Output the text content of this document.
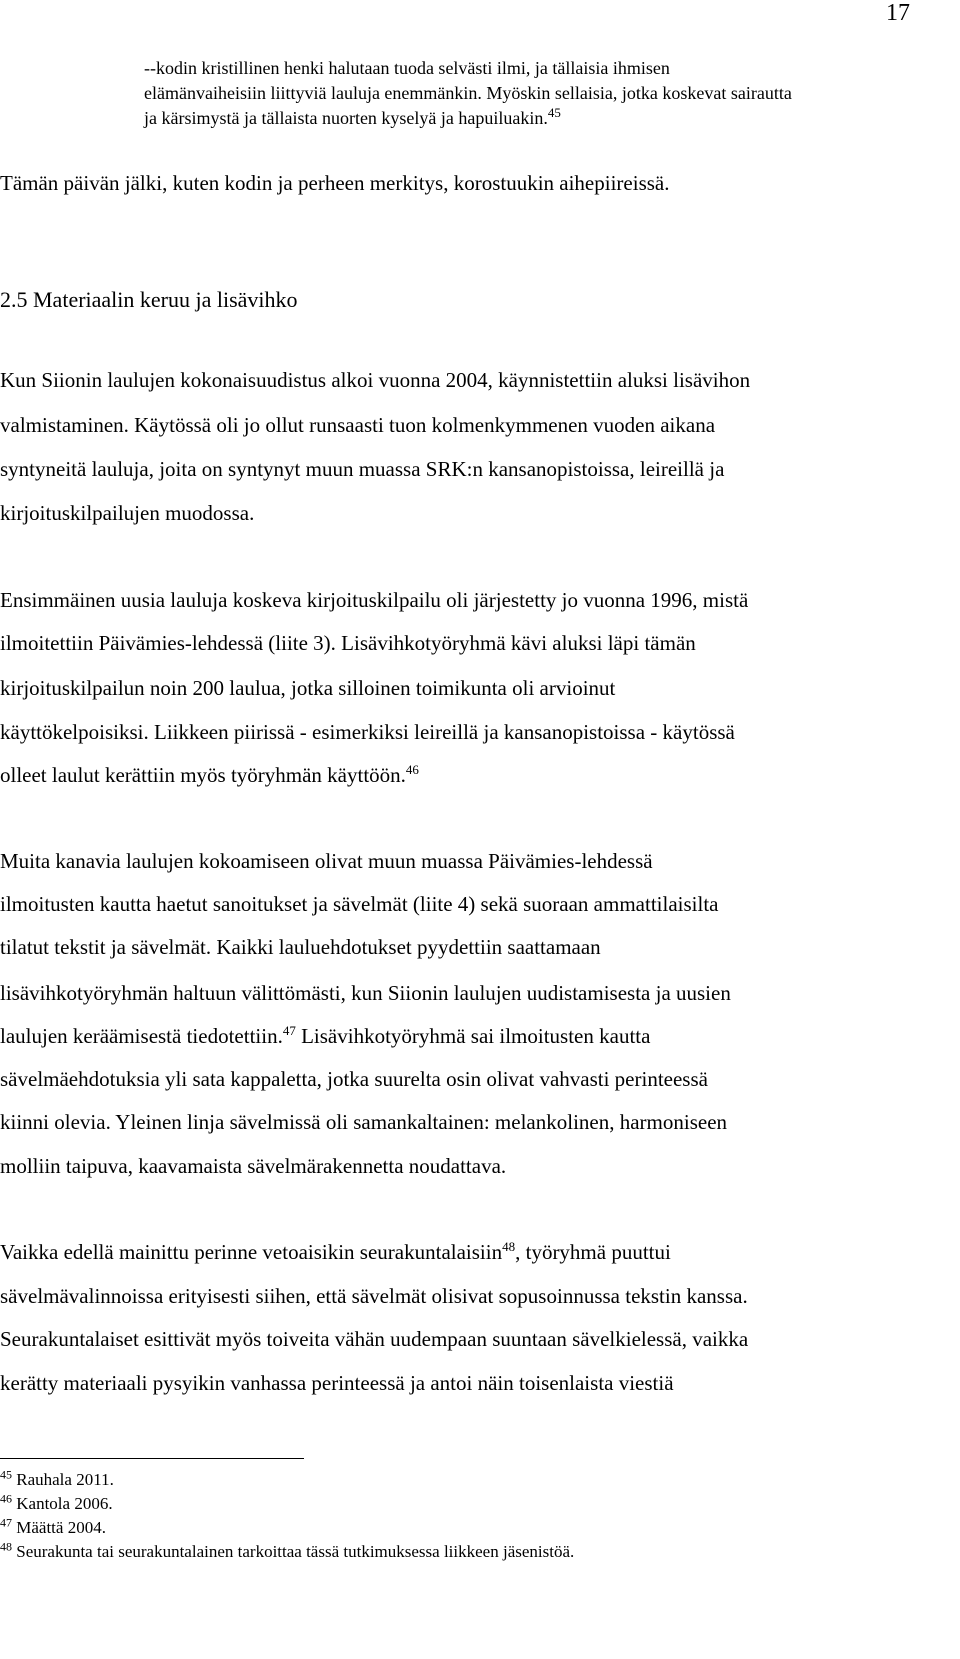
17
--kodin kristillinen henki halutaan tuoda selvästi ilmi, ja tällaisia ihmisen
elämänvaiheisiin liittyviä lauluja enemmänkin. Myöskin sellaisia, jotka koskevat sairautta
ja kärsimystä ja tällaista nuorten kyselyä ja hapuiluakin.$^{45}$
Tämän päivän jälki, kuten kodin ja perheen merkitys, korostuukin aihepiireissä.
2.5 Materiaalin keruu ja lisävihko
Kun Siionin laulujen kokonaisuudistus alkoi vuonna 2004, käynnistettiin aluksi lisävihon
valmistaminen. Käytössä oli jo ollut runsaasti tuon kolmenkymmenen vuoden aikana
syntyneitä lauluja, joita on syntynyt muun muassa SRK:n kansanopistoissa, leireillä ja
kirjoituskilpailujen muodossa.
Ensimmäinen uusia lauluja koskeva kirjoituskilpailu oli järjestetty jo vuonna 1996, mistä
ilmoitettiin Päivämies-lehdessä (liite 3). Lisävihkotyöryhmä kävi aluksi läpi tämän
kirjoituskilpailun noin 200 laulua, jotka silloinen toimikunta oli arvioinut
käyttökelpoisiksi. Liikkeen piirissä - esimerkiksi leireillä ja kansanopistoissa - käytössä
olleet laulut kerättiin myös työryhmän käyttöön.$^{46}$
Muita kanavia laulujen kokoamiseen olivat muun muassa Päivämies-lehdessä
ilmoitusten kautta haetut sanoitukset ja sävelmät (liite 4) sekä suoraan ammattilaisilta
tilatut tekstit ja sävelmät. Kaikki lauluehdotukset pyydettiin saattamaan
lisävihkotyöryhmän haltuun välittömästi, kun Siionin laulujen uudistamisesta ja uusien
laulujen keräämisestä tiedotettiin.$^{47}$ Lisävihkotyöryhmä sai ilmoitusten kautta
sävelmäehdotuksia yli sata kappaletta, jotka suurelta osin olivat vahvasti perinteessä
kiinni olevia. Yleinen linja sävelmissä oli samankaltainen: melankolinen, harmoniseen
molliin taipuva, kaavamaista sävelmärakennetta noudattava.
Vaikka edellä mainittu perinne vetoaisikin seurakuntalaisiin$^{48}$, työryhmä puuttui
sävelmävalinnoissa erityisesti siihen, että sävelmät olisivat sopusoinnussa tekstin kanssa.
Seurakuntalaiset esittivät myös toiveita vähän uudempaan suuntaan sävelkielessä, vaikka
kerätty materiaali pysyikin vanhassa perinteessä ja antoi näin toisenlaista viestiä
$^{45}$ Rauhala 2011.
$^{46}$ Kantola 2006.
$^{47}$ Määttä 2004.
$^{48}$ Seurakunta tai seurakuntalainen tarkoittaa tässä tutkimuksessa liikkeen jäsenistöä.
